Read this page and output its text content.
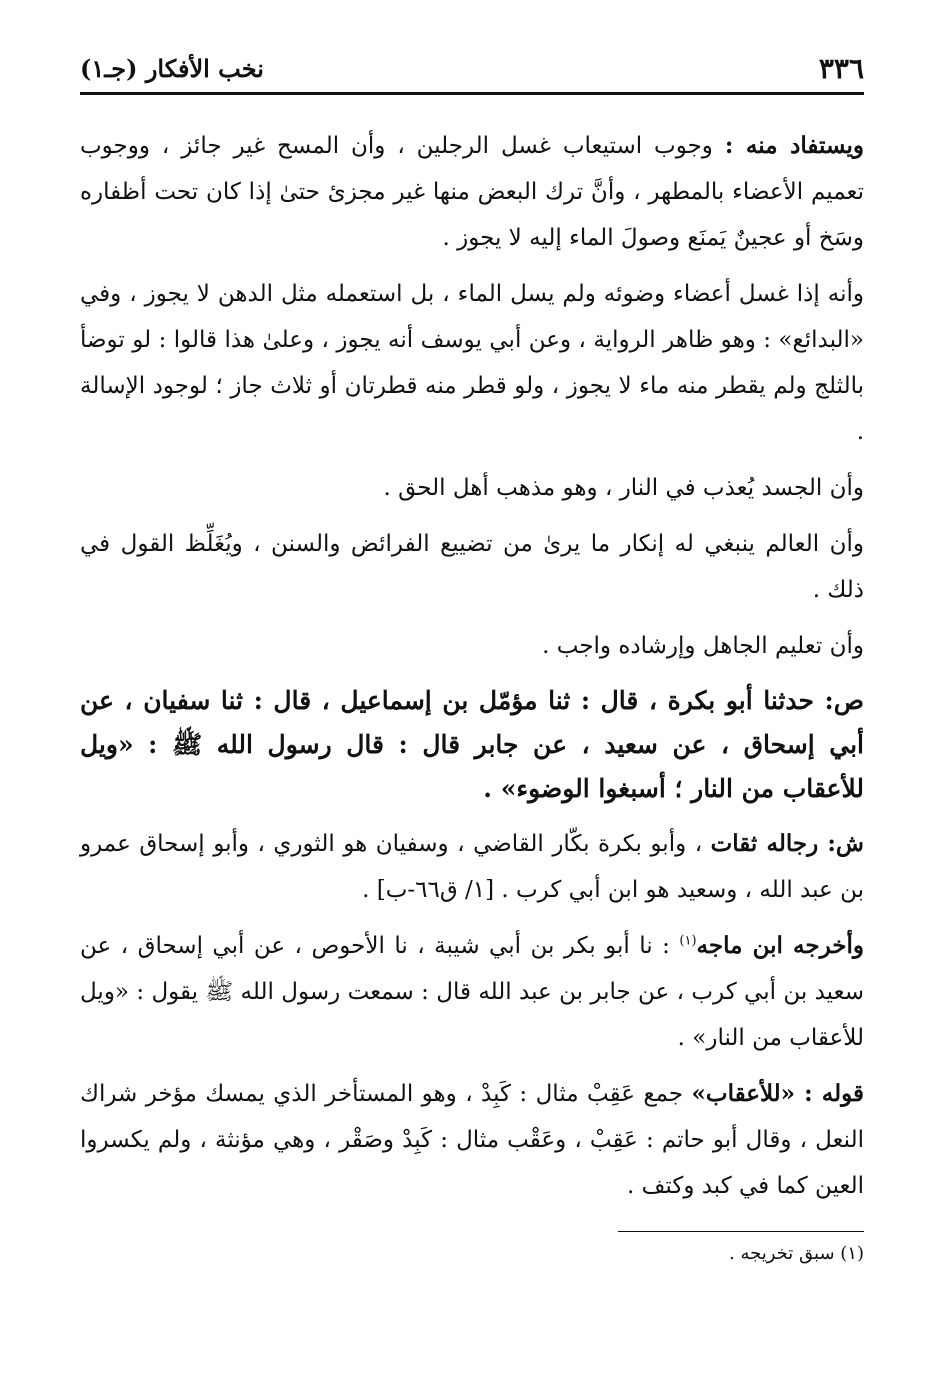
٣٣٦
نخب الأفكار (جـ١)

ويستفاد منه : وجوب استيعاب غسل الرجلين ، وأن المسح غير جائز ، ووجوب تعميم الأعضاء بالمطهر ، وأنَّ ترك البعض منها غير مجزئ حتىٰ إذا كان تحت أظفاره وسَخ أو عجينٌ يَمنَع وصولَ الماء إليه لا يجوز .

وأنه إذا غسل أعضاء وضوئه ولم يسل الماء ، بل استعمله مثل الدهن لا يجوز ، وفي «البدائع» : وهو ظاهر الرواية ، وعن أبي يوسف أنه يجوز ، وعلىٰ هذا قالوا : لو توضأ بالثلج ولم يقطر منه ماء لا يجوز ، ولو قطر منه قطرتان أو ثلاث جاز ؛ لوجود الإسالة .

وأن الجسد يُعذب في النار ، وهو مذهب أهل الحق .

وأن العالم ينبغي له إنكار ما يرىٰ من تضييع الفرائض والسنن ، ويُغَلِّظ القول في ذلك .

وأن تعليم الجاهل وإرشاده واجب .

ص: حدثنا أبو بكرة ، قال : ثنا مؤمّل بن إسماعيل ، قال : ثنا سفيان ، عن أبي إسحاق ، عن سعيد ، عن جابر قال : قال رسول الله ﷺ : «ويل للأعقاب من النار ؛ أسبغوا الوضوء» .

ش: رجاله ثقات ، وأبو بكرة بكّار القاضي ، وسفيان هو الثوري ، وأبو إسحاق عمرو بن عبد الله ، وسعيد هو ابن أبي كرب . [١/ ق٦٦-ب] .

وأخرجه ابن ماجه$^{(١)}$ : نا أبو بكر بن أبي شيبة ، نا الأحوص ، عن أبي إسحاق ، عن سعيد بن أبي كرب ، عن جابر بن عبد الله قال : سمعت رسول الله ﷺ يقول : «ويل للأعقاب من النار» .

قوله : «للأعقاب» جمع عَقِبْ مثال : كَبِدْ ، وهو المستأخر الذي يمسك مؤخر شراك النعل ، وقال أبو حاتم : عَقِبْ ، وعَقْب مثال : كَبِدْ وصَقْر ، وهي مؤنثة ، ولم يكسروا العين كما في كبد وكتف .

(١) سبق تخريجه .
